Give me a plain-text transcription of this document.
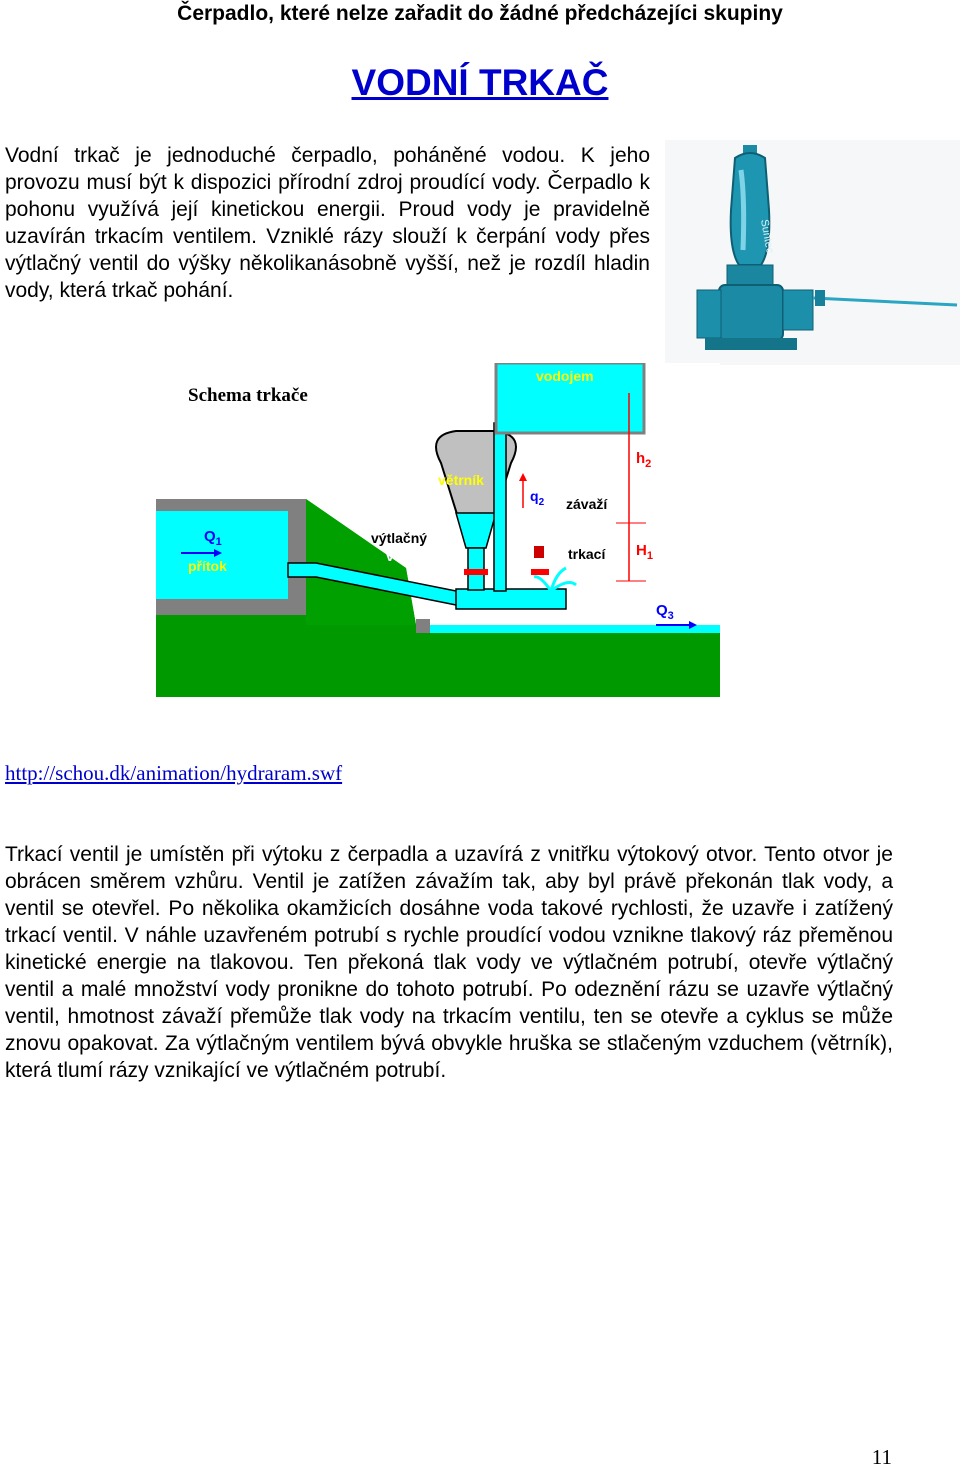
Čerpadlo, které nelze zařadit do žádné předcházejíci skupiny
VODNÍ TRKAČ
Vodní trkač je jednoduché čerpadlo, poháněné vodou. K jeho provozu musí být k dispozici přírodní zdroj proudící vody. Čerpadlo k pohonu využívá její kinetickou energii. Proud vody je pravidelně uzavírán trkacím ventilem. Vzniklé rázy slouží k čerpání vody přes výtlačný ventil do výšky několikanásobně vyšší, než je rozdíl hladin vody, která trkač pohání.
Suntec
Schema trkače
vodojem
větrník
$q_2$ závaží
$h_2$
$H_1$
$Q_1$
přítok
výtlačný
ventil	trkací
ventil
$Q_3$
http://schou.dk/animation/hydraram.swf
Trkací ventil je umístěn při výtoku z čerpadla a uzavírá z vnitřku výtokový otvor. Tento otvor je obrácen směrem vzhůru. Ventil je zatížen závažím tak, aby byl právě překonán tlak vody, a ventil se otevřel. Po několika okamžicích dosáhne voda takové rychlosti, že uzavře i zatížený trkací ventil. V náhle uzavřeném potrubí s rychle proudící vodou vznikne tlakový ráz přeměnou kinetické energie na tlakovou. Ten překoná tlak vody ve výtlačném potrubí, otevře výtlačný ventil a malé množství vody pronikne do tohoto potrubí. Po odeznění rázu se uzavře výtlačný ventil, hmotnost závaží přemůže tlak vody na trkacím ventilu, ten se otevře a cyklus se může znovu opakovat. Za výtlačným ventilem bývá obvykle hruška se stlačeným vzduchem (větrník), která tlumí rázy vznikající ve výtlačném potrubí.
11
